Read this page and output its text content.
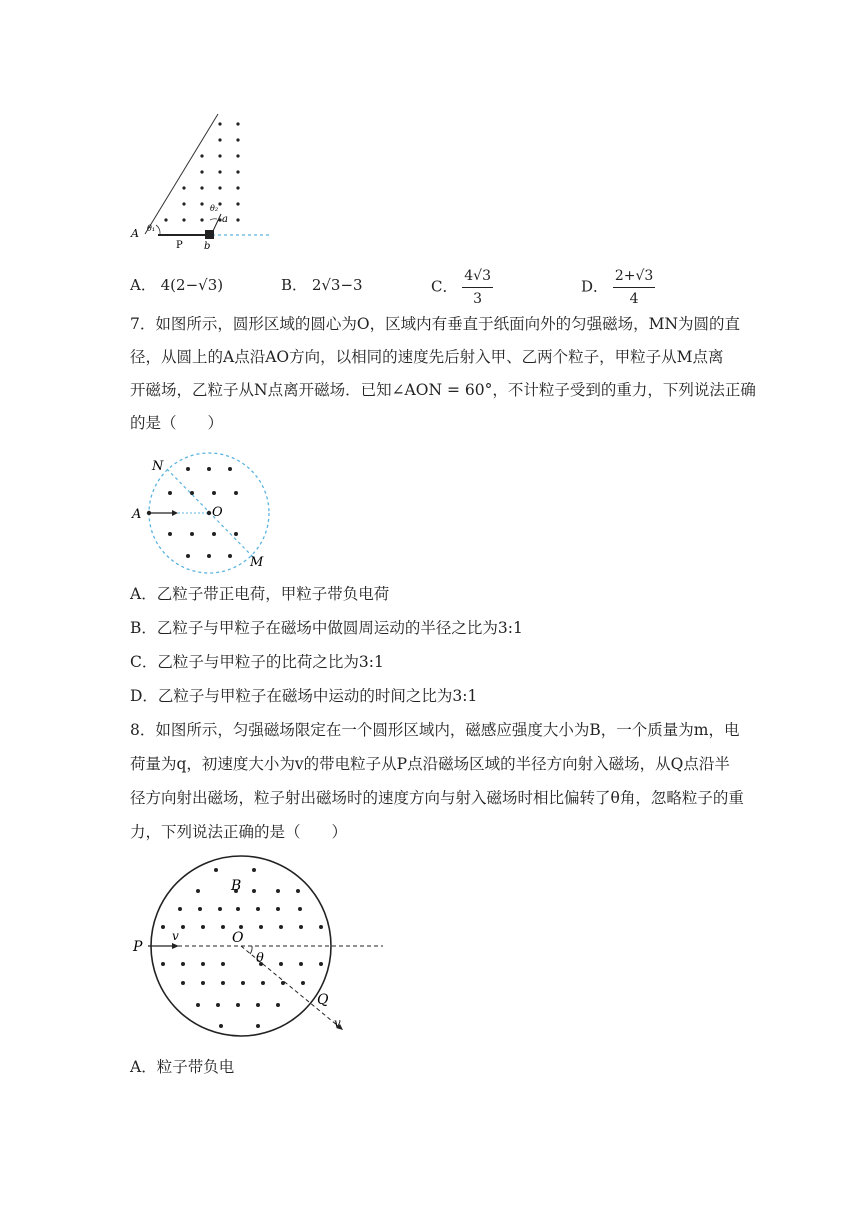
A θ₁
θ₂
a
P b
A． 4(2−√3)	B． 2√3−3	C． $\frac{4√3}{3}$	D． $\frac{2+√3}{4}$
7．如图所示，圆形区域的圆心为O，区域内有垂直于纸面向外的匀强磁场，MN为圆的直
径，从圆上的A点沿AO方向，以相同的速度先后射入甲、乙两个粒子，甲粒子从M点离
开磁场，乙粒子从N点离开磁场．已知∠AON = 60°，不计粒子受到的重力，下列说法正确
的是（　　）
N
A	O
M
A．乙粒子带正电荷，甲粒子带负电荷
B．乙粒子与甲粒子在磁场中做圆周运动的半径之比为3:1
C．乙粒子与甲粒子的比荷之比为3:1
D．乙粒子与甲粒子在磁场中运动的时间之比为3:1
8．如图所示，匀强磁场限定在一个圆形区域内，磁感应强度大小为B，一个质量为m，电
荷量为q，初速度大小为v的带电粒子从P点沿磁场区域的半径方向射入磁场，从Q点沿半
径方向射出磁场，粒子射出磁场时的速度方向与射入磁场时相比偏转了θ角，忽略粒子的重
力，下列说法正确的是（　　）
B
P
v	O
θ
Q
v
A．粒子带负电
